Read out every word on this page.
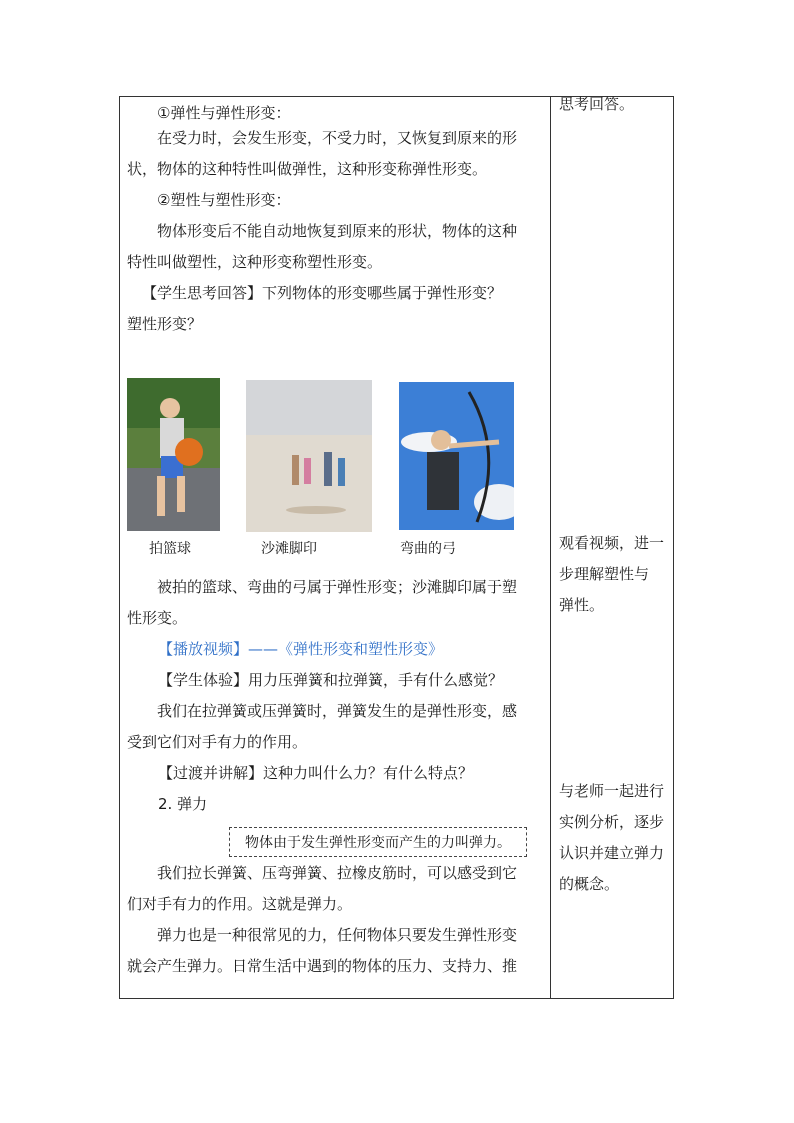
①弹性与弹性形变：
在受力时，会发生形变，不受力时，又恢复到原来的形
状，物体的这种特性叫做弹性，这种形变称弹性形变。
②塑性与塑性形变：
物体形变后不能自动地恢复到原来的形状，物体的这种
特性叫做塑性，这种形变称塑性形变。
【学生思考回答】下列物体的形变哪些属于弹性形变？
塑性形变？
被拍的篮球、弯曲的弓属于弹性形变；沙滩脚印属于塑
性形变。
【播放视频】——《弹性形变和塑性形变》
【学生体验】用力压弹簧和拉弹簧，手有什么感觉？
我们在拉弹簧或压弹簧时，弹簧发生的是弹性形变，感
受到它们对手有力的作用。
【过渡并讲解】这种力叫什么力？有什么特点？
2. 弹力
我们拉长弹簧、压弯弹簧、拉橡皮筋时，可以感受到它
们对手有力的作用。这就是弹力。
弹力也是一种很常见的力，任何物体只要发生弹性形变
就会产生弹力。日常生活中遇到的物体的压力、支持力、推
拍篮球	沙滩脚印	弯曲的弓
物体由于发生弹性形变而产生的力叫弹力。
思考回答。
观看视频，进一
步理解塑性与
弹性。
与老师一起进行
实例分析，逐步
认识并建立弹力
的概念。
